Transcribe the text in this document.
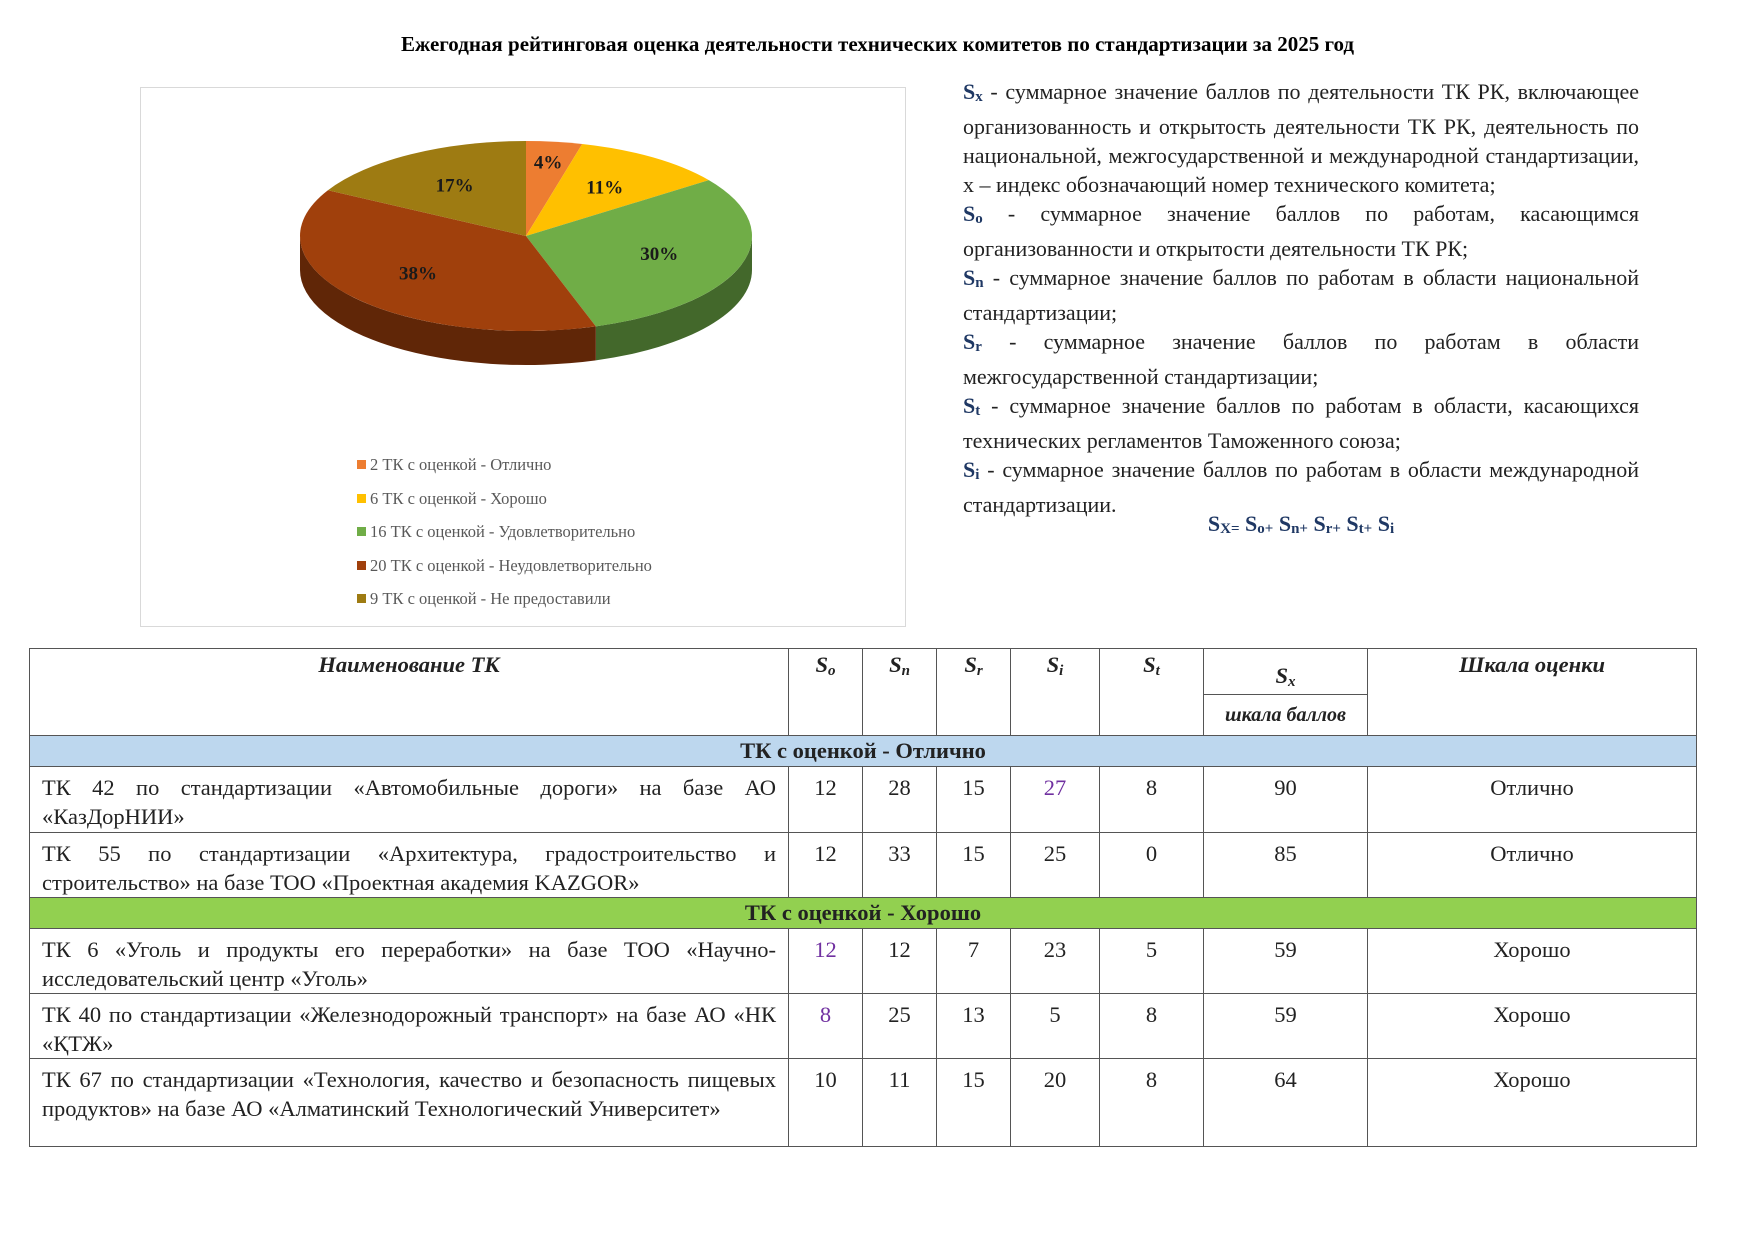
Ежегодная рейтинговая оценка деятельности технических комитетов по стандартизации за 2025 год
4%
11%
30%
38%
17%
2 ТК с оценкой - Отлично
6 ТК с оценкой - Хорошо
16 ТК с оценкой - Удовлетворительно
20 ТК с оценкой - Неудовлетворительно
9 ТК с оценкой - Не предоставили

$S_x$ - суммарное значение баллов по деятельности ТК РК, включающее организованность и открытость деятельности ТК РК, деятельность по национальной, межгосударственной и международной стандартизации, х – индекс обозначающий номер технического комитета;

$S_o$ - суммарное значение баллов по работам, касающимся организованности и открытости деятельности ТК РК;

$S_n$ - суммарное значение баллов по работам в области национальной стандартизации;

$S_r$ - суммарное значение баллов по работам в области межгосударственной стандартизации;

$S_t$ - суммарное значение баллов по работам в области, касающихся технических регламентов Таможенного союза;

$S_i$ - суммарное значение баллов по работам в области международной стандартизации.

$S_{X=}$ $S_{o+}$ $S_{n+}$ $S_{r+}$ $S_{t+}$ $S_i$
Наименование ТК	$S_o$	$S_n$	$S_r$	$S_i$	$S_t$	$S_x$	Шкала оценки
						шкала баллов	
ТК с оценкой - Отлично							
ТК 42 по стандартизации «Автомобильные дороги» на базе АО «КазДорНИИ»	12	28	15	27	8	90	Отлично
ТК 55 по стандартизации «Архитектура, градостроительство и строительство» на базе ТОО «Проектная академия KAZGOR»	12	33	15	25	0	85	Отлично
ТК с оценкой - Хорошо							
ТК 6 «Уголь и продукты его переработки» на базе ТОО «Научно-исследовательский центр «Уголь»	12	12	7	23	5	59	Хорошо
ТК 40 по стандартизации «Железнодорожный транспорт» на базе АО «НК «ҚТЖ»	8	25	13	5	8	59	Хорошо
ТК 67 по стандартизации «Технология, качество и безопасность пищевых продуктов» на базе АО «Алматинский Технологический Университет»	10	11	15	20	8	64	Хорошо
